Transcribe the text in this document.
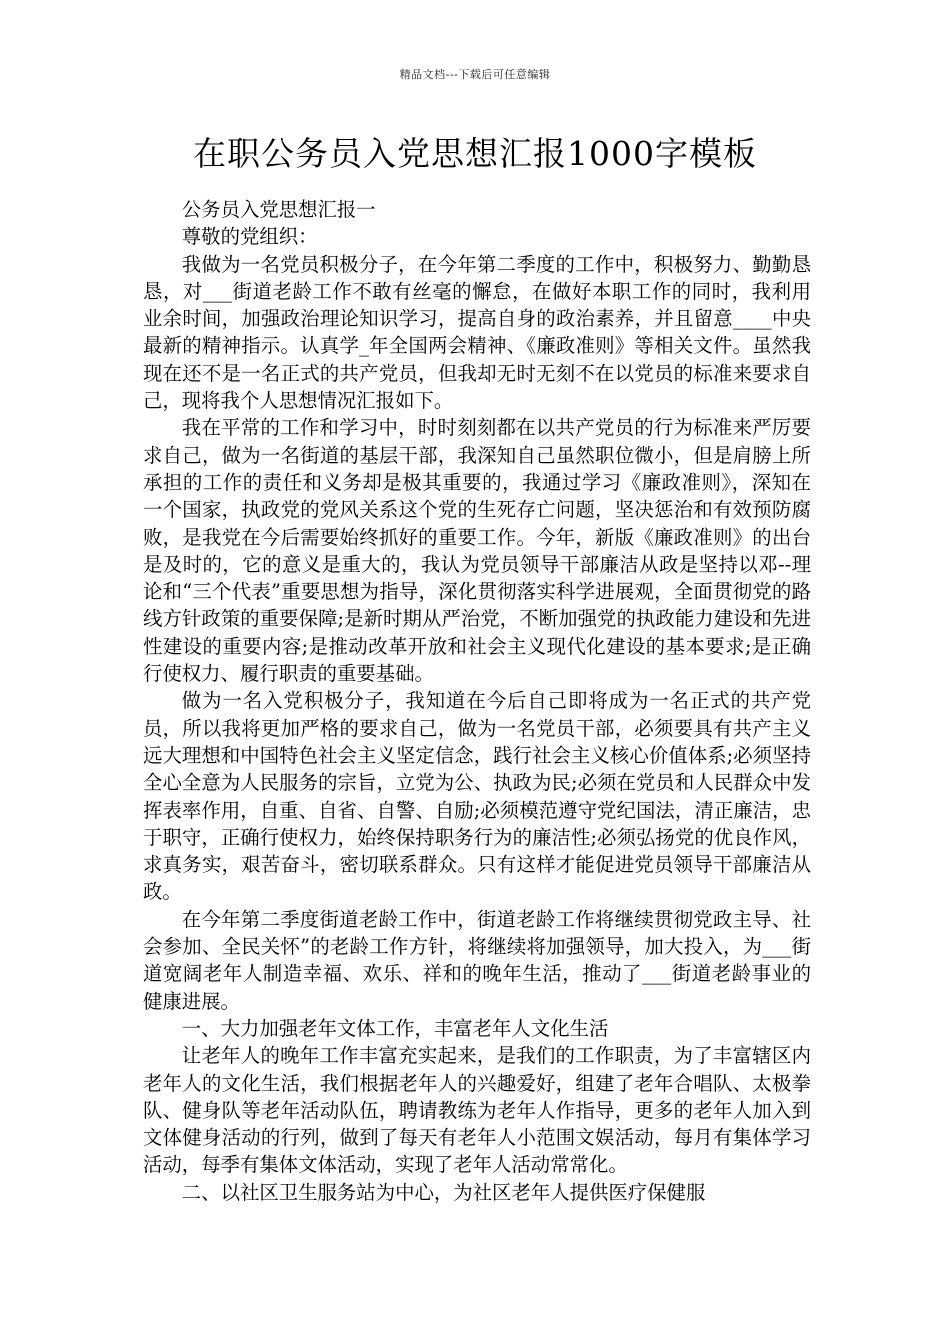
精品文档---下载后可任意编辑
在职公务员入党思想汇报1000字模板

公务员入党思想汇报一

尊敬的党组织：

我做为一名党员积极分子，在今年第二季度的工作中，积极努力、勤勤恳恳，对___街道老龄工作不敢有丝毫的懈怠，在做好本职工作的同时，我利用业余时间，加强政治理论知识学习，提高自身的政治素养，并且留意____中央最新的精神指示。认真学_年全国两会精神、《廉政准则》等相关文件。虽然我现在还不是一名正式的共产党员，但我却无时无刻不在以党员的标准来要求自己，现将我个人思想情况汇报如下。

我在平常的工作和学习中，时时刻刻都在以共产党员的行为标准来严厉要求自己，做为一名街道的基层干部，我深知自己虽然职位微小，但是肩膀上所承担的工作的责任和义务却是极其重要的，我通过学习《廉政准则》，深知在一个国家，执政党的党风关系这个党的生死存亡问题，坚决惩治和有效预防腐败，是我党在今后需要始终抓好的重要工作。今年，新版《廉政准则》的出台是及时的，它的意义是重大的，我认为党员领导干部廉洁从政是坚持以邓--理论和“三个代表”重要思想为指导，深化贯彻落实科学进展观，全面贯彻党的路线方针政策的重要保障;是新时期从严治党，不断加强党的执政能力建设和先进性建设的重要内容;是推动改革开放和社会主义现代化建设的基本要求;是正确行使权力、履行职责的重要基础。

做为一名入党积极分子，我知道在今后自己即将成为一名正式的共产党员，所以我将更加严格的要求自己，做为一名党员干部，必须要具有共产主义远大理想和中国特色社会主义坚定信念，践行社会主义核心价值体系;必须坚持全心全意为人民服务的宗旨，立党为公、执政为民;必须在党员和人民群众中发挥表率作用，自重、自省、自警、自励;必须模范遵守党纪国法，清正廉洁，忠于职守，正确行使权力，始终保持职务行为的廉洁性;必须弘扬党的优良作风，求真务实，艰苦奋斗，密切联系群众。只有这样才能促进党员领导干部廉洁从政。

在今年第二季度街道老龄工作中，街道老龄工作将继续贯彻党政主导、社会参加、全民关怀”的老龄工作方针，将继续将加强领导，加大投入，为___街道宽阔老年人制造幸福、欢乐、祥和的晚年生活，推动了___街道老龄事业的健康进展。

一、大力加强老年文体工作，丰富老年人文化生活

让老年人的晚年工作丰富充实起来，是我们的工作职责，为了丰富辖区内老年人的文化生活，我们根据老年人的兴趣爱好，组建了老年合唱队、太极拳队、健身队等老年活动队伍，聘请教练为老年人作指导，更多的老年人加入到文体健身活动的行列，做到了每天有老年人小范围文娱活动，每月有集体学习活动，每季有集体文体活动，实现了老年人活动常常化。

二、以社区卫生服务站为中心，为社区老年人提供医疗保健服
